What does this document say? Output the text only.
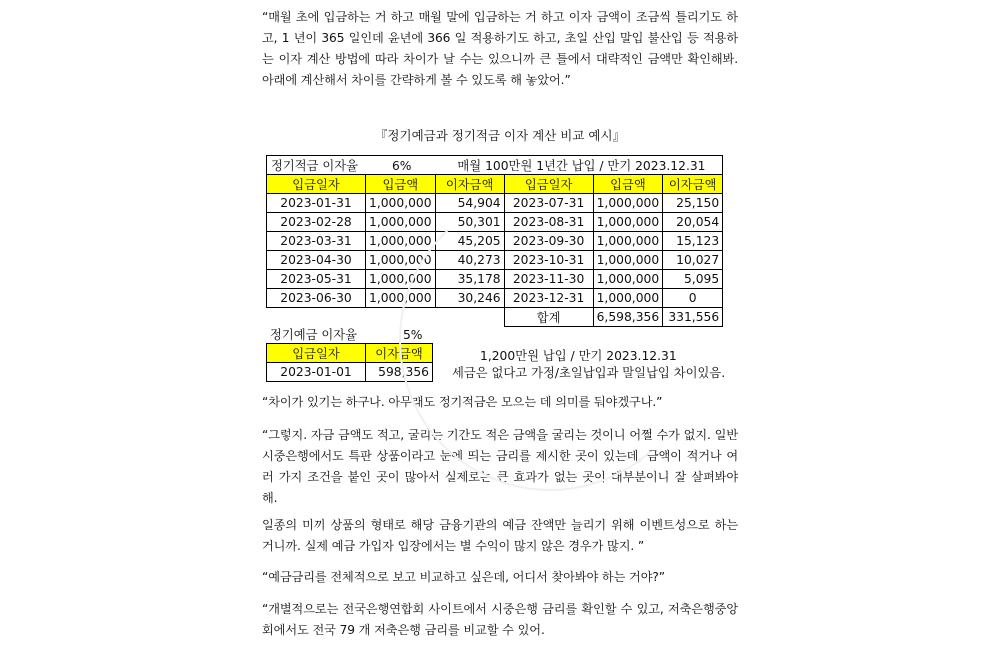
“매월 초에 입금하는 거 하고 매월 말에 입금하는 거 하고 이자 금액이 조금씩 틀리기도 하고, 1 년이 365 일인데 윤년에 366 일 적용하기도 하고, 초일 산입 말입 불산입 등 적용하는 이자 계산 방법에 따라 차이가 날 수는 있으니까 큰 틀에서 대략적인 금액만 확인해봐. 아래에 계산해서 차이를 간략하게 볼 수 있도록 해 놓았어.”

『정기예금과 정기적금 이자 계산 비교 예시』

정기적금 이자율 6% 매월 100만원 1년간 납입 / 만기 2023.12.31					
입금일자	입금액	이자금액	입금일자	입금액	이자금액
2023-01-31	1,000,000	54,904	2023-07-31	1,000,000	25,150
2023-02-28	1,000,000	50,301	2023-08-31	1,000,000	20,054
2023-03-31	1,000,000	45,205	2023-09-30	1,000,000	15,123
2023-04-30	1,000,000	40,273	2023-10-31	1,000,000	10,027
2023-05-31	1,000,000	35,178	2023-11-30	1,000,000	5,095
2023-06-30	1,000,000	30,246	2023-12-31	1,000,000	0
			합계	6,598,356	331,556
정기예금 이자율	5%
입금일자	이자금액
2023-01-01	598,356
1,200만원 납입 / 만기 2023.12.31
세금은 없다고 가정/초일납입과 말일납입 차이있음.

“차이가 있기는 하구나. 아무래도 정기적금은 모으는 데 의미를 둬야겠구나.”

“그렇지. 자금 금액도 적고, 굴리는 기간도 적은 금액을 굴리는 것이니 어쩔 수가 없지. 일반 시중은행에서도 특판 상품이라고 눈에 띄는 금리를 제시한 곳이 있는데, 금액이 적거나 여러 가지 조건을 붙인 곳이 많아서 실제로는 큰 효과가 없는 곳이 대부분이니 잘 살펴봐야 해.

일종의 미끼 상품의 형태로 해당 금융기관의 예금 잔액만 늘리기 위해 이벤트성으로 하는 거니까. 실제 예금 가입자 입장에서는 별 수익이 많지 않은 경우가 많지. ”

“예금금리를 전체적으로 보고 비교하고 싶은데, 어디서 찾아봐야 하는 거야?”

“개별적으로는 전국은행연합회 사이트에서 시중은행 금리를 확인할 수 있고, 저축은행중앙회에서도 전국 79 개 저축은행 금리를 비교할 수 있어.
